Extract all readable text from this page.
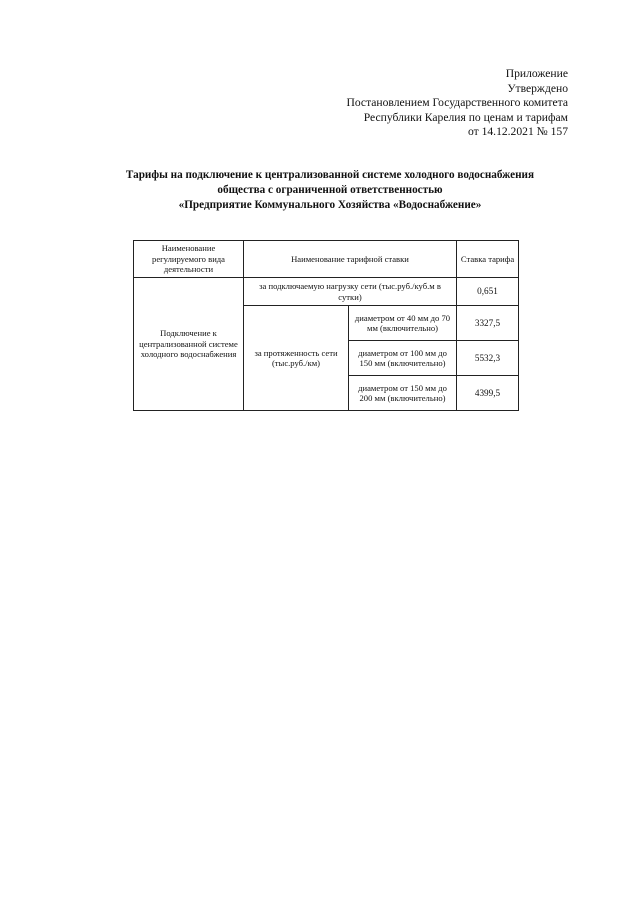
Приложение
Утверждено
Постановлением Государственного комитета
Республики Карелия по ценам и тарифам
от 14.12.2021 № 157
Тарифы на подключение к централизованной системе холодного водоснабжения
общества с ограниченной ответственностью
«Предприятие Коммунального Хозяйства «Водоснабжение»
Наименование регулируемого вида деятельности	Наименование тарифной ставки		Ставка тарифа
Подключение к централизованной системе холодного водоснабжения	за подключаемую нагрузку сети (тыс.руб./куб.м в сутки)		0,651
	за протяженность сети (тыс.руб./км)	диаметром от 40 мм до 70 мм (включительно)	3327,5
		диаметром от 100 мм до 150 мм (включительно)	5532,3
		диаметром от 150 мм до 200 мм (включительно)	4399,5
